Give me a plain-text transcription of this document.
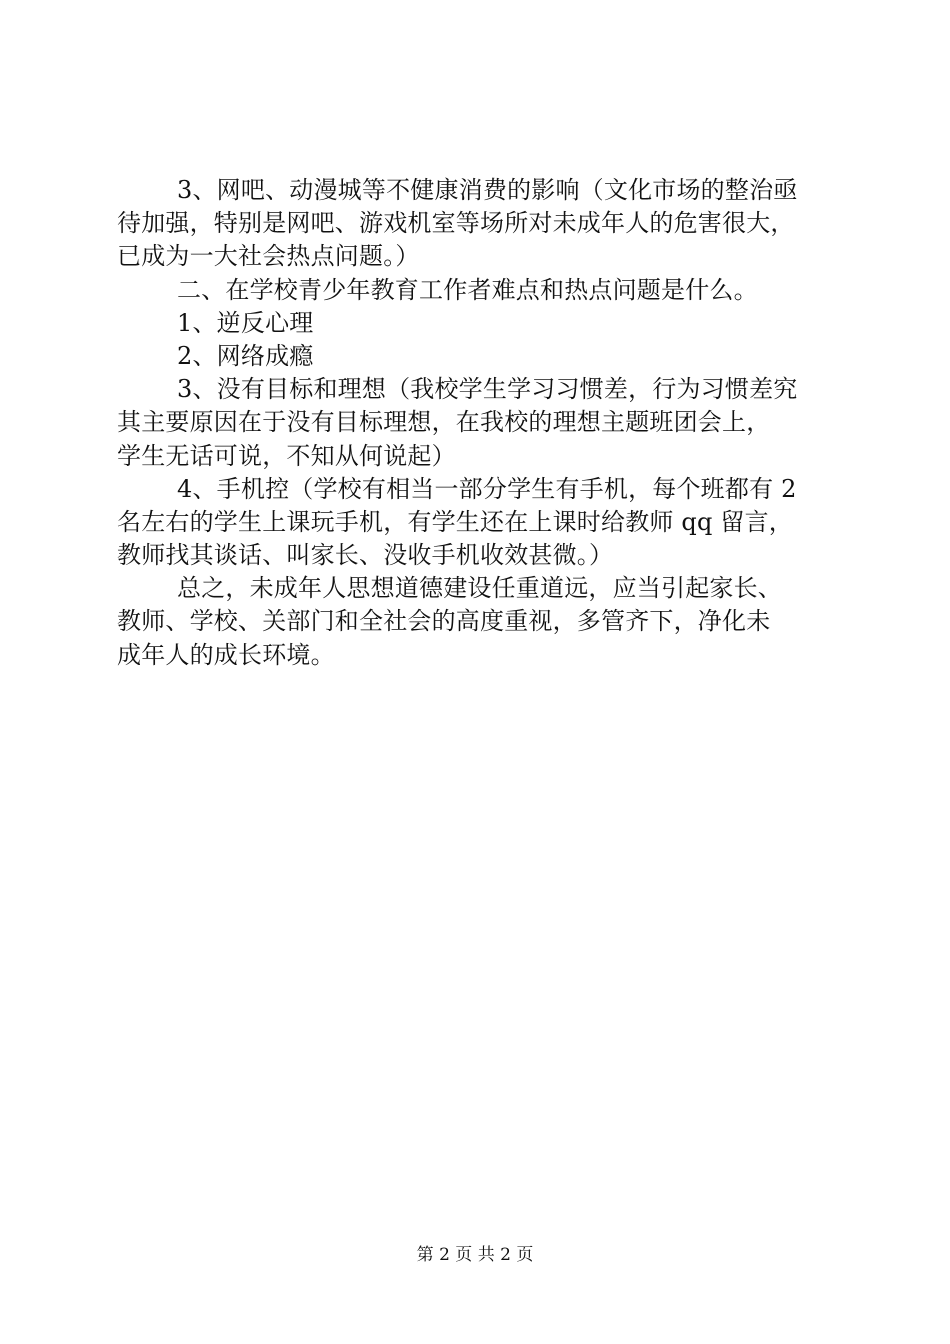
3、网吧、动漫城等不健康消费的影响（文化市场的整治亟
待加强，特别是网吧、游戏机室等场所对未成年人的危害很大，
已成为一大社会热点问题。）
二、在学校青少年教育工作者难点和热点问题是什么。
1、逆反心理
2、网络成瘾
3、没有目标和理想（我校学生学习习惯差，行为习惯差究
其主要原因在于没有目标理想，在我校的理想主题班团会上，
学生无话可说，不知从何说起）
4、手机控（学校有相当一部分学生有手机，每个班都有 2
名左右的学生上课玩手机，有学生还在上课时给教师 qq 留言，
教师找其谈话、叫家长、没收手机收效甚微。）
总之，未成年人思想道德建设任重道远，应当引起家长、
教师、学校、关部门和全社会的高度重视，多管齐下，净化未
成年人的成长环境。
第 2 页 共 2 页
